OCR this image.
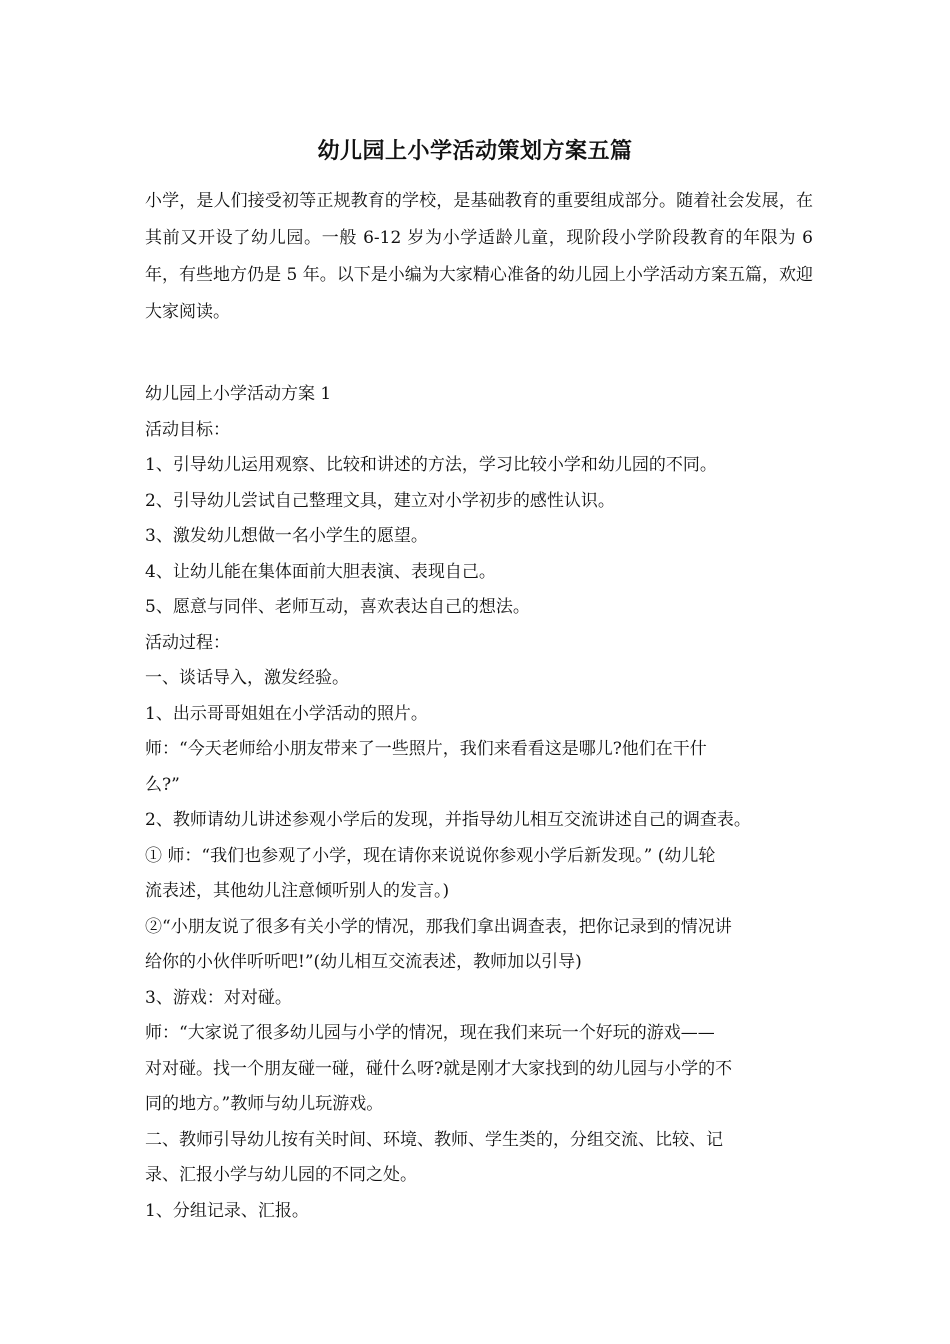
幼儿园上小学活动策划方案五篇

小学，是人们接受初等正规教育的学校，是基础教育的重要组成部分。随着社会发展，在其前又开设了幼儿园。一般 6-12 岁为小学适龄儿童，现阶段小学阶段教育的年限为 6 年，有些地方仍是 5 年。以下是小编为大家精心准备的幼儿园上小学活动方案五篇，欢迎大家阅读。

幼儿园上小学活动方案 1

活动目标：

1、引导幼儿运用观察、比较和讲述的方法，学习比较小学和幼儿园的不同。

2、引导幼儿尝试自己整理文具，建立对小学初步的感性认识。

3、激发幼儿想做一名小学生的愿望。

4、让幼儿能在集体面前大胆表演、表现自己。

5、愿意与同伴、老师互动，喜欢表达自己的想法。

活动过程：

一、谈话导入，激发经验。

1、出示哥哥姐姐在小学活动的照片。

师：“今天老师给小朋友带来了一些照片，我们来看看这是哪儿?他们在干什

么?”

2、教师请幼儿讲述参观小学后的发现，并指导幼儿相互交流讲述自己的调查表。

① 师：“我们也参观了小学，现在请你来说说你参观小学后新发现。” (幼儿轮

流表述，其他幼儿注意倾听别人的发言。)

②“小朋友说了很多有关小学的情况，那我们拿出调查表，把你记录到的情况讲

给你的小伙伴听听吧!”(幼儿相互交流表述，教师加以引导)

3、游戏：对对碰。

师：“大家说了很多幼儿园与小学的情况，现在我们来玩一个好玩的游戏——

对对碰。找一个朋友碰一碰，碰什么呀?就是刚才大家找到的幼儿园与小学的不

同的地方。”教师与幼儿玩游戏。

二、教师引导幼儿按有关时间、环境、教师、学生类的，分组交流、比较、记

录、汇报小学与幼儿园的不同之处。

1、分组记录、汇报。
